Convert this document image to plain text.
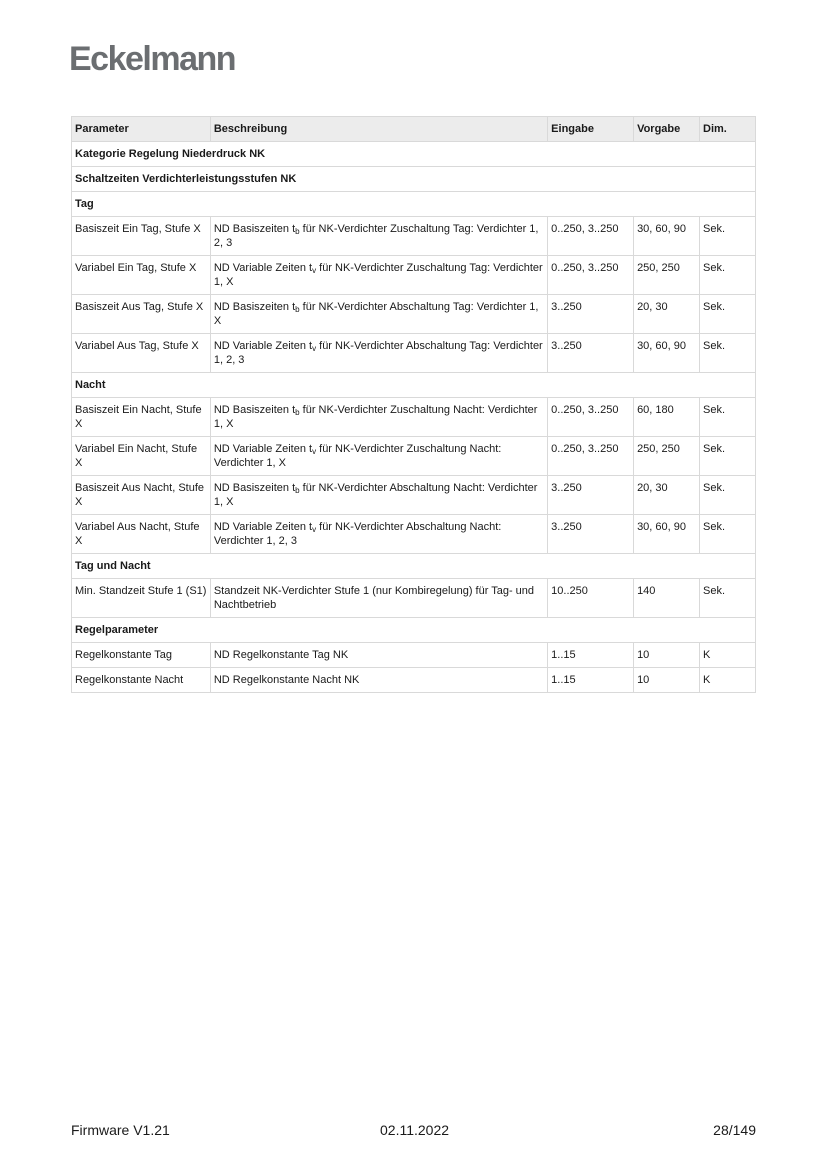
Eckelmann
Parameter	Beschreibung	Eingabe	Vorgabe	Dim.
Kategorie Regelung Niederdruck NK				
Schaltzeiten Verdichterleistungsstufen NK				
Tag				
Basiszeit Ein Tag, Stufe X	ND Basiszeiten $t_b$ für NK-Verdichter Zuschaltung Tag: Verdichter 1, 2, 3	0..250, 3..250	30, 60, 90	Sek.
Variabel Ein Tag, Stufe X	ND Variable Zeiten $t_v$ für NK-Verdichter Zuschaltung Tag: Verdichter 1, X	0..250, 3..250	250, 250	Sek.
Basiszeit Aus Tag, Stufe X	ND Basiszeiten $t_b$ für NK-Verdichter Abschaltung Tag: Verdichter 1, X	3..250	20, 30	Sek.
Variabel Aus Tag, Stufe X	ND Variable Zeiten $t_v$ für NK-Verdichter Abschaltung Tag: Verdichter 1, 2, 3	3..250	30, 60, 90	Sek.
Nacht				
Basiszeit Ein Nacht, Stufe X	ND Basiszeiten $t_b$ für NK-Verdichter Zuschaltung Nacht: Verdichter 1, X	0..250, 3..250	60, 180	Sek.
Variabel Ein Nacht, Stufe X	ND Variable Zeiten $t_v$ für NK-Verdichter Zuschaltung Nacht: Verdichter 1, X	0..250, 3..250	250, 250	Sek.
Basiszeit Aus Nacht, Stufe X	ND Basiszeiten $t_b$ für NK-Verdichter Abschaltung Nacht: Verdichter 1, X	3..250	20, 30	Sek.
Variabel Aus Nacht, Stufe X	ND Variable Zeiten $t_v$ für NK-Verdichter Abschaltung Nacht: Verdichter 1, 2, 3	3..250	30, 60, 90	Sek.
Tag und Nacht				
Min. Standzeit Stufe 1 (S1)	Standzeit NK-Verdichter Stufe 1 (nur Kombiregelung) für Tag- und Nachtbetrieb	10..250	140	Sek.
Regelparameter				
Regelkonstante Tag	ND Regelkonstante Tag NK	1..15	10	K
Regelkonstante Nacht	ND Regelkonstante Nacht NK	1..15	10	K
Firmware V1.21	02.11.2022	28/149
